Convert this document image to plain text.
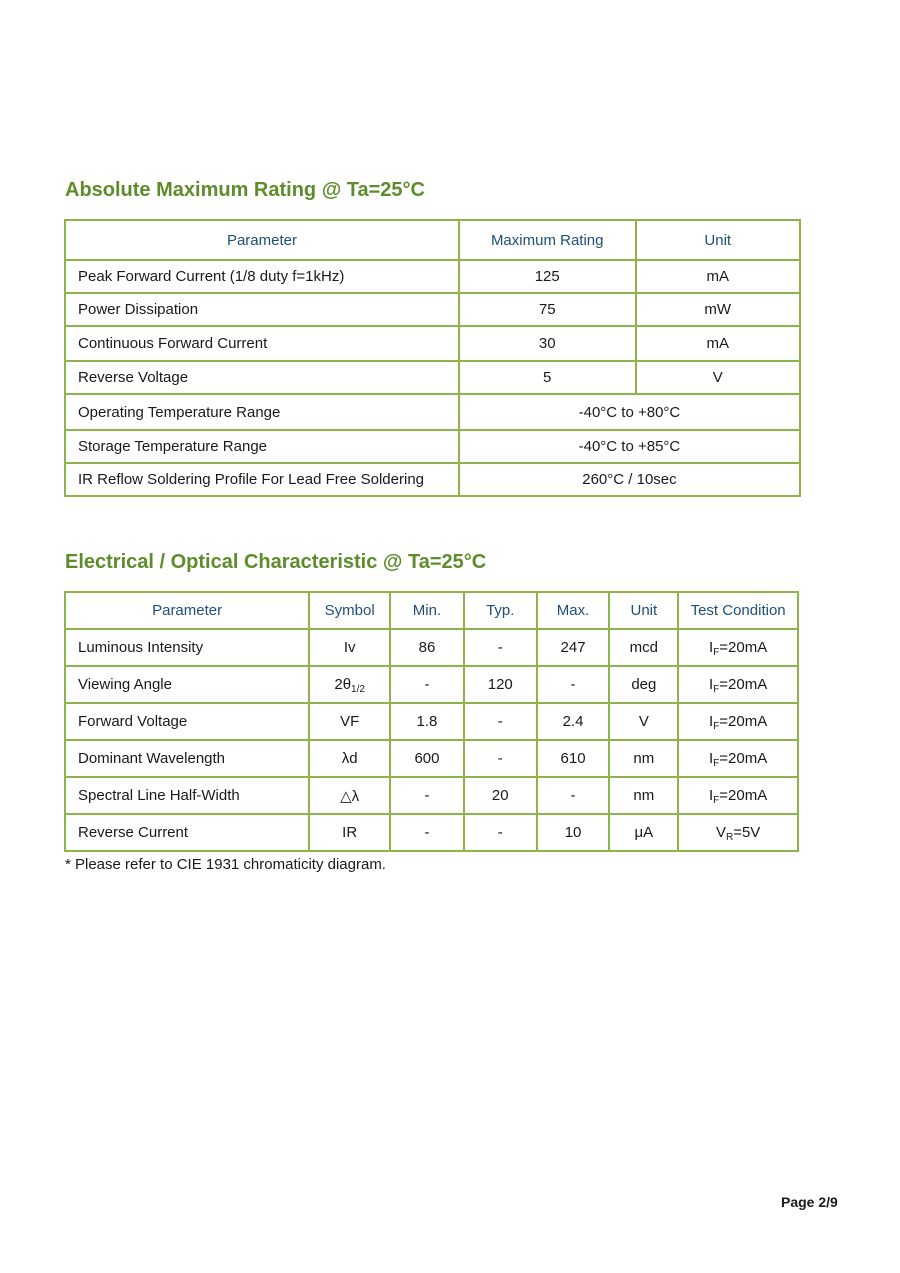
Absolute Maximum Rating @ Ta=25°C
Parameter	Maximum Rating	Unit
Peak Forward Current (1/8 duty f=1kHz)	125	mA
Power Dissipation	75	mW
Continuous Forward Current	30	mA
Reverse Voltage	5	V
Operating Temperature Range	-40°C to +80°C	
Storage Temperature Range	-40°C to +85°C	
IR Reflow Soldering Profile For Lead Free Soldering	260°C / 10sec	
Electrical / Optical Characteristic @ Ta=25°C
Parameter	Symbol	Min.	Typ.	Max.	Unit	Test Condition
Luminous Intensity	Iv	86	-	247	mcd	$I_F=20mA$
Viewing Angle	$2\theta_{1/2}$	-	120	-	deg	$I_F=20mA$
Forward Voltage	VF	1.8	-	2.4	V	$I_F=20mA$
Dominant Wavelength	λd	600	-	610	nm	$I_F=20mA$
Spectral Line Half-Width	△λ	-	20	-	nm	$I_F=20mA$
Reverse Current	IR	-	-	10	μA	$V_R=5V$
* Please refer to CIE 1931 chromaticity diagram.
Page 2/9
